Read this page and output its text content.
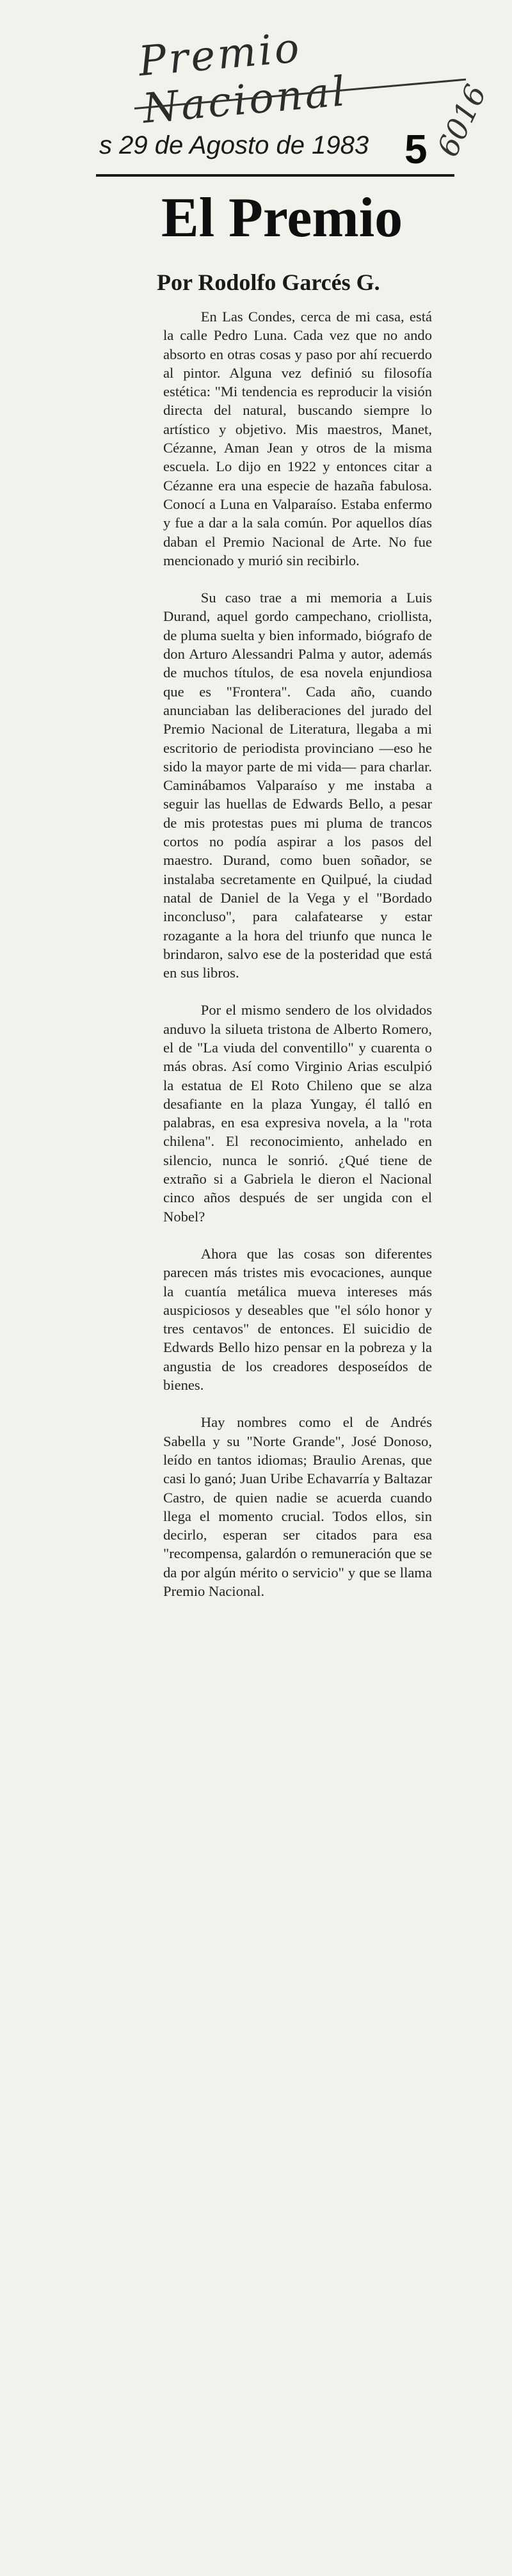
Premio Nacional
s 29 de Agosto de 1983 5 6016
El Premio
Por Rodolfo Garcés G.

En Las Condes, cerca de mi casa, está la calle Pedro Luna. Cada vez que no ando absorto en otras cosas y paso por ahí recuerdo al pintor. Alguna vez definió su filosofía estética: "Mi tendencia es reproducir la visión directa del natural, buscando siempre lo artístico y objetivo. Mis maestros, Manet, Cézanne, Aman Jean y otros de la misma escuela. Lo dijo en 1922 y entonces citar a Cézanne era una especie de hazaña fabulosa. Conocí a Luna en Valparaíso. Estaba enfermo y fue a dar a la sala común. Por aquellos días daban el Premio Nacional de Arte. No fue mencionado y murió sin recibirlo.

Su caso trae a mi memoria a Luis Durand, aquel gordo campechano, criollista, de pluma suelta y bien informado, biógrafo de don Arturo Alessandri Palma y autor, además de muchos títulos, de esa novela enjundiosa que es "Frontera". Cada año, cuando anunciaban las deliberaciones del jurado del Premio Nacional de Literatura, llegaba a mi escritorio de periodista provinciano —eso he sido la mayor parte de mi vida— para charlar. Caminábamos Valparaíso y me instaba a seguir las huellas de Edwards Bello, a pesar de mis protestas pues mi pluma de trancos cortos no podía aspirar a los pasos del maestro. Durand, como buen soñador, se instalaba secretamente en Quilpué, la ciudad natal de Daniel de la Vega y el "Bordado inconcluso", para calafatearse y estar rozagante a la hora del triunfo que nunca le brindaron, salvo ese de la posteridad que está en sus libros.

Por el mismo sendero de los olvidados anduvo la silueta tristona de Alberto Romero, el de "La viuda del conventillo" y cuarenta o más obras. Así como Virginio Arias esculpió la estatua de El Roto Chileno que se alza desafiante en la plaza Yungay, él talló en palabras, en esa expresiva novela, a la "rota chilena". El reconocimiento, anhelado en silencio, nunca le sonrió. ¿Qué tiene de extraño si a Gabriela le dieron el Nacional cinco años después de ser ungida con el Nobel?

Ahora que las cosas son diferentes parecen más tristes mis evocaciones, aunque la cuantía metálica mueva intereses más auspiciosos y deseables que "el sólo honor y tres centavos" de entonces. El suicidio de Edwards Bello hizo pensar en la pobreza y la angustia de los creadores desposeídos de bienes.

Hay nombres como el de Andrés Sabella y su "Norte Grande", José Donoso, leído en tantos idiomas; Braulio Arenas, que casi lo ganó; Juan Uribe Echavarría y Baltazar Castro, de quien nadie se acuerda cuando llega el momento crucial. Todos ellos, sin decirlo, esperan ser citados para esa "recompensa, galardón o remuneración que se da por algún mérito o servicio" y que se llama Premio Nacional.
